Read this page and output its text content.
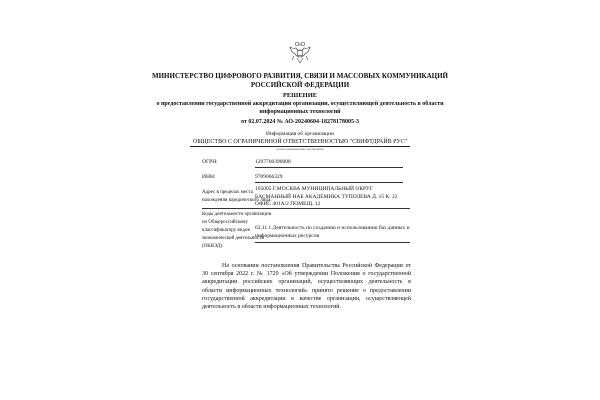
МИНИСТЕРСТВО ЦИФРОВОГО РАЗВИТИЯ, СВЯЗИ И МАССОВЫХ КОММУНИКАЦИЙ РОССИЙСКОЙ ФЕДЕРАЦИИ
РЕШЕНИЕ
о предоставлении государственной аккредитации организации, осуществляющей деятельность в области информационных технологий
от 02.07.2024 № АО-20240604-18278178005-3
Информация об организации
ОБЩЕСТВО С ОГРАНИЧЕННОЙ ОТВЕТСТВЕННОСТЬЮ "СВИФТДРАЙВ РУС"
(полное наименование организации)
ОГРН:	1207700390908
ИНН:	9709066329
Адрес в пределах места нахождения юридического лица:
105005 Г.МОСКВА МУНИЦИПАЛЬНЫЙ ОКРУГ БАСМАННЫЙ НАБ АКАДЕМИКА ТУПОЛЕВА Д. 15 К. 22 ОФИС 401А/2 ПОМЕЩ. 12
Коды деятельности организации по Общероссийскому классификатору видов экономической деятельности (ОКВЭД):
63.11.1 Деятельность по созданию и использованию баз данных и информационных ресурсов
На основании постановления Правительства Российской Федерации от 30 сентября 2022 г. № 1729 «Об утверждении Положения о государственной аккредитации российских организаций, осуществляющих деятельность в области информационных технологий» принято решение о предоставлении государственной аккредитации в качестве организации, осуществляющей деятельность в области информационных технологий.
